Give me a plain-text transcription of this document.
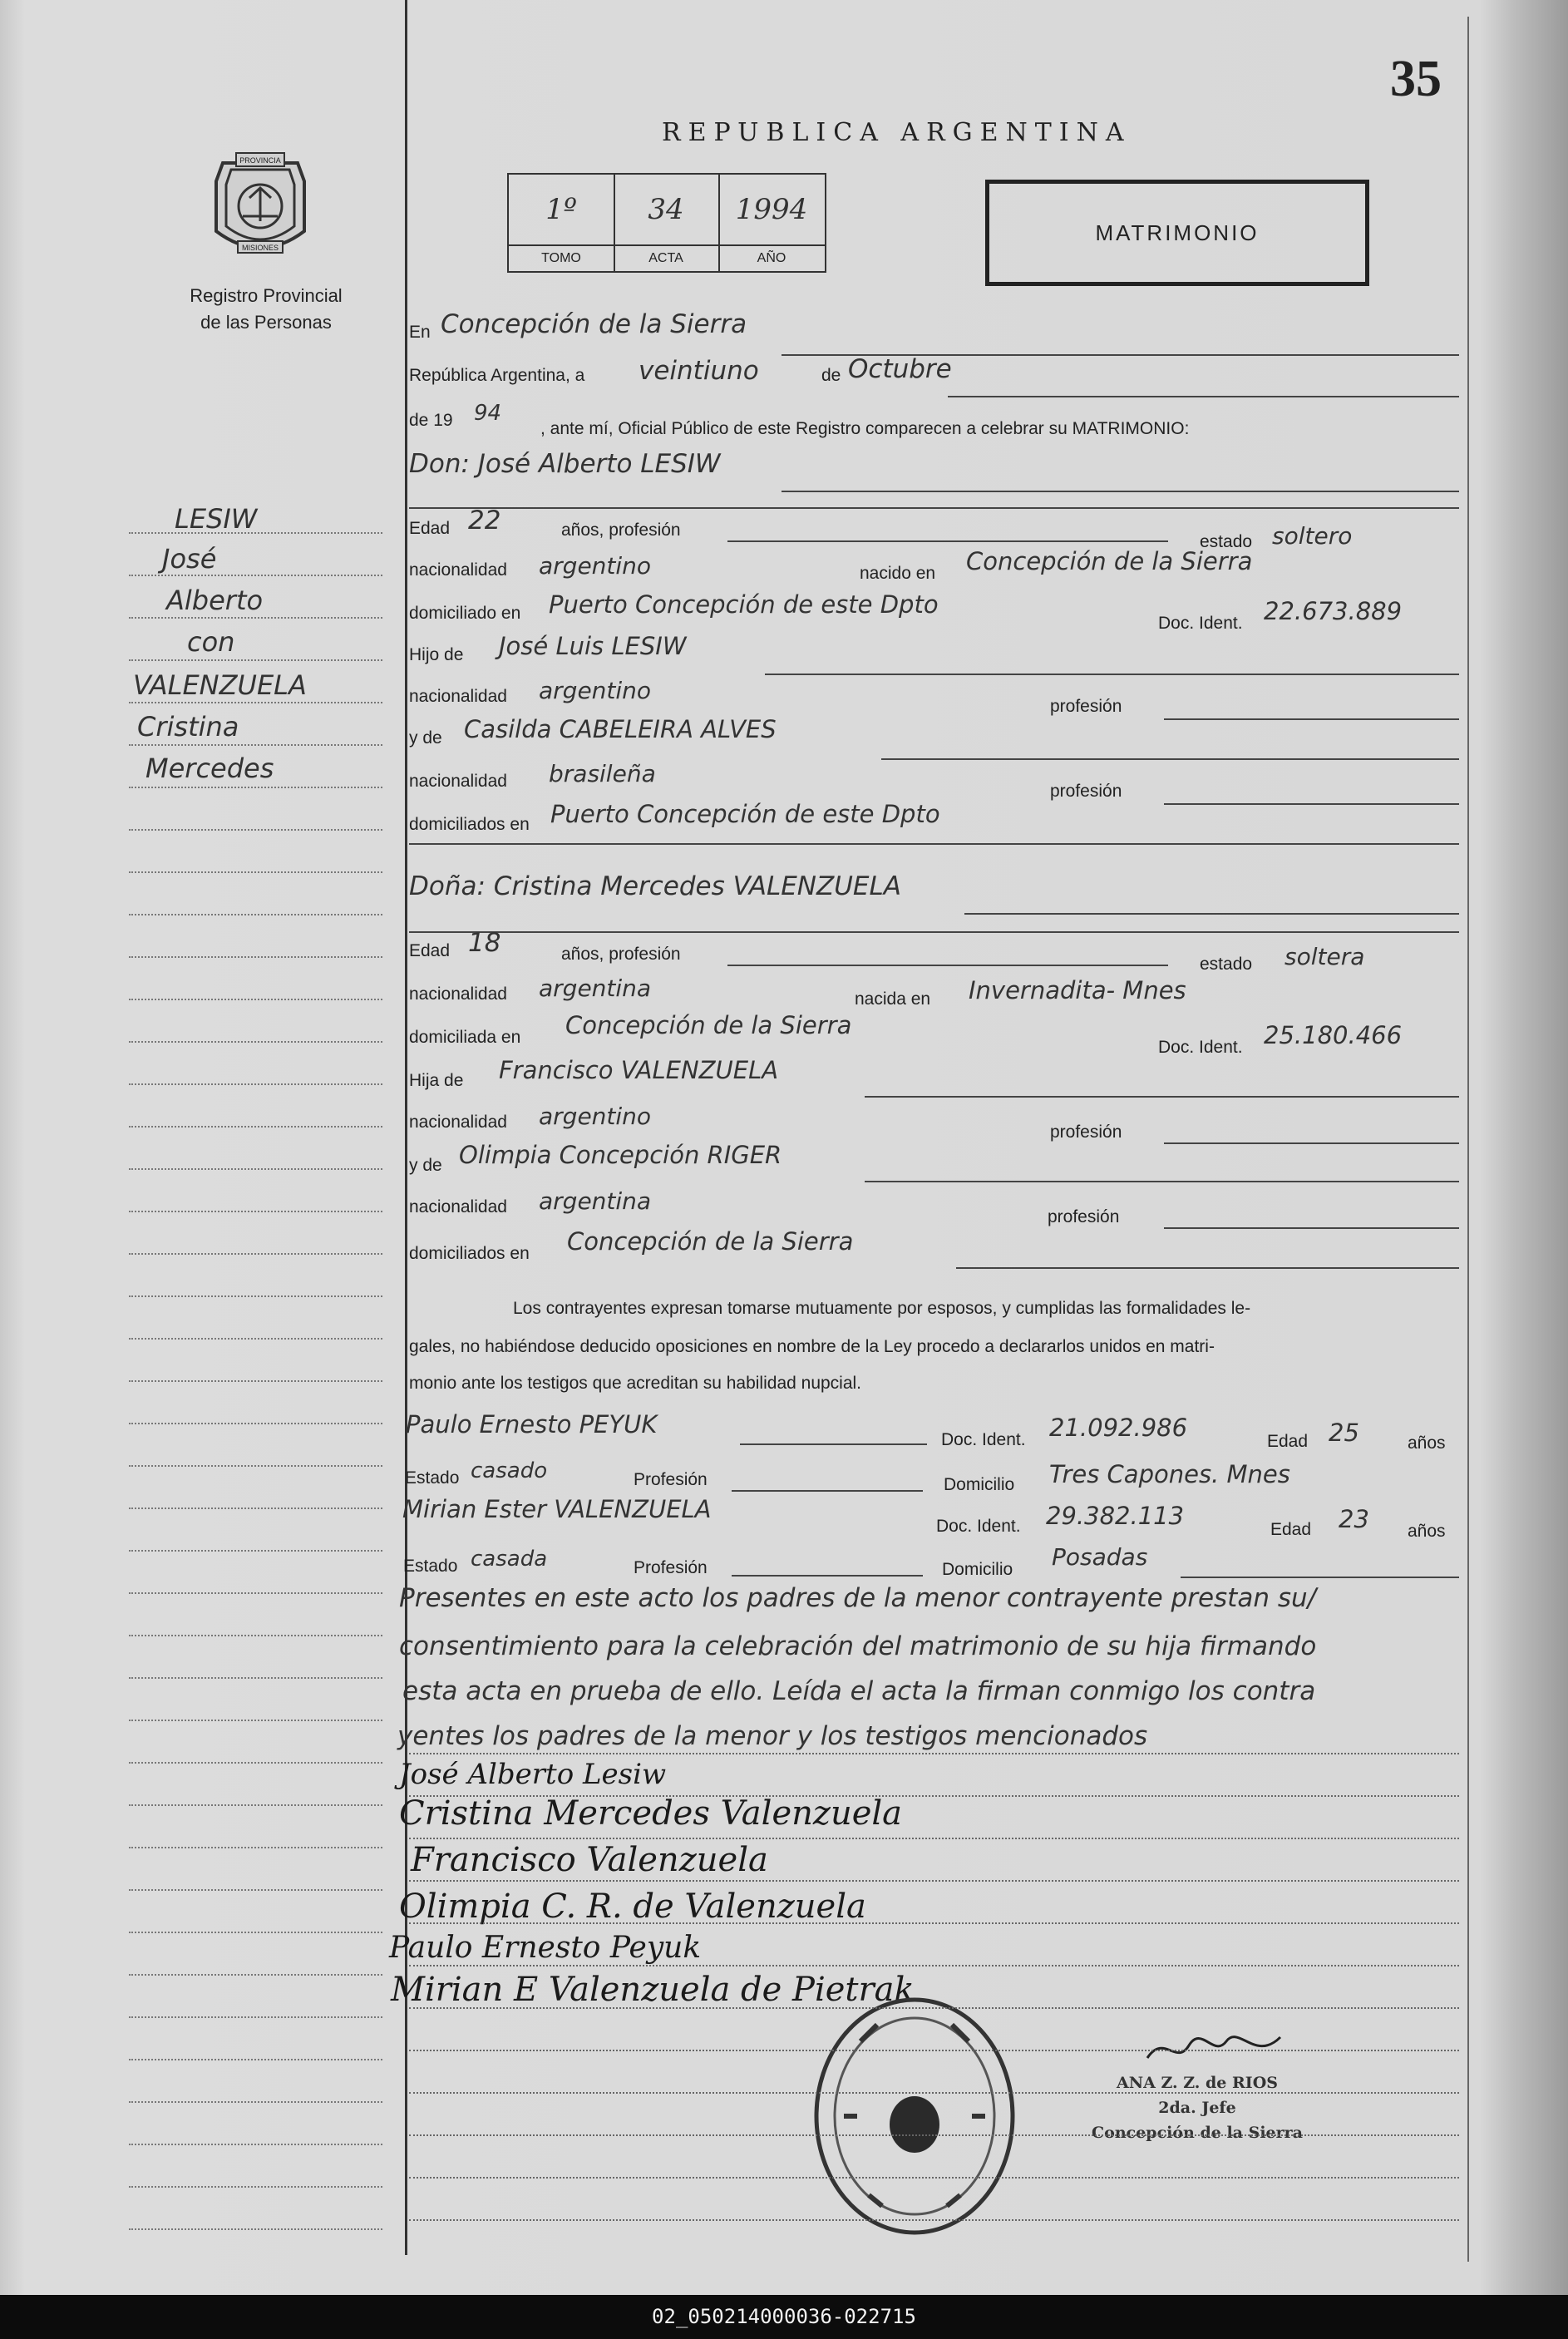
35
REPUBLICA ARGENTINA
PROVINCIA
MISIONES
Registro Provincial
de las Personas
1º
TOMO
34
ACTA
1994
AÑO
MATRIMONIO
LESIW
José
Alberto
con
VALENZUELA
Cristina
Mercedes
En Concepción de la Sierra
República Argentina, a veintiuno	de Octubre
de 19 94
, ante mí, Oficial Público de este Registro comparecen a celebrar su MATRIMONIO:
Don: José Alberto LESIW
Edad 22	años, profesión
estado soltero
nacionalidad argentino	nacido en Concepción de la Sierra
domiciliado en Puerto Concepción de este Dpto
Doc. Ident. 22.673.889
Hijo de José Luis LESIW
nacionalidad argentino
profesión
y de Casilda CABELEIRA ALVES
nacionalidad brasileña
profesión
domiciliados en Puerto Concepción de este Dpto
Doña: Cristina Mercedes VALENZUELA
Edad 18	años, profesión
estado soltera
nacionalidad argentina	nacida en Invernadita- Mnes
domiciliada en Concepción de la Sierra
Doc. Ident. 25.180.466
Hija de Francisco VALENZUELA
nacionalidad argentino
profesión
y de Olimpia Concepción RIGER
nacionalidad argentina
profesión
domiciliados en Concepción de la Sierra
Los contrayentes expresan tomarse mutuamente por esposos, y cumplidas las formalidades le-
gales, no habiéndose deducido oposiciones en nombre de la Ley procedo a declararlos unidos en matri-
monio ante los testigos que acreditan su habilidad nupcial.
Paulo Ernesto PEYUK
Doc. Ident. 21.092.986	Edad 25	años
Estado casado	Profesión	Domicilio Tres Capones. Mnes
Mirian Ester VALENZUELA
Doc. Ident. 29.382.113	Edad 23 años
Estado casada	Profesión	Domicilio Posadas
Presentes en este acto los padres de la menor contrayente prestan su/
consentimiento para la celebración del matrimonio de su hija firmando
esta acta en prueba de ello. Leída el acta la firman conmigo los contra
yentes los padres de la menor y los testigos mencionados
José Alberto Lesiw
Cristina Mercedes Valenzuela
Francisco Valenzuela
Olimpia C. R. de Valenzuela
Paulo Ernesto Peyuk
Mirian E Valenzuela de Pietrak
ANA Z. Z. de RIOS
2da. Jefe
Concepción de la Sierra
02_050214000036-022715
